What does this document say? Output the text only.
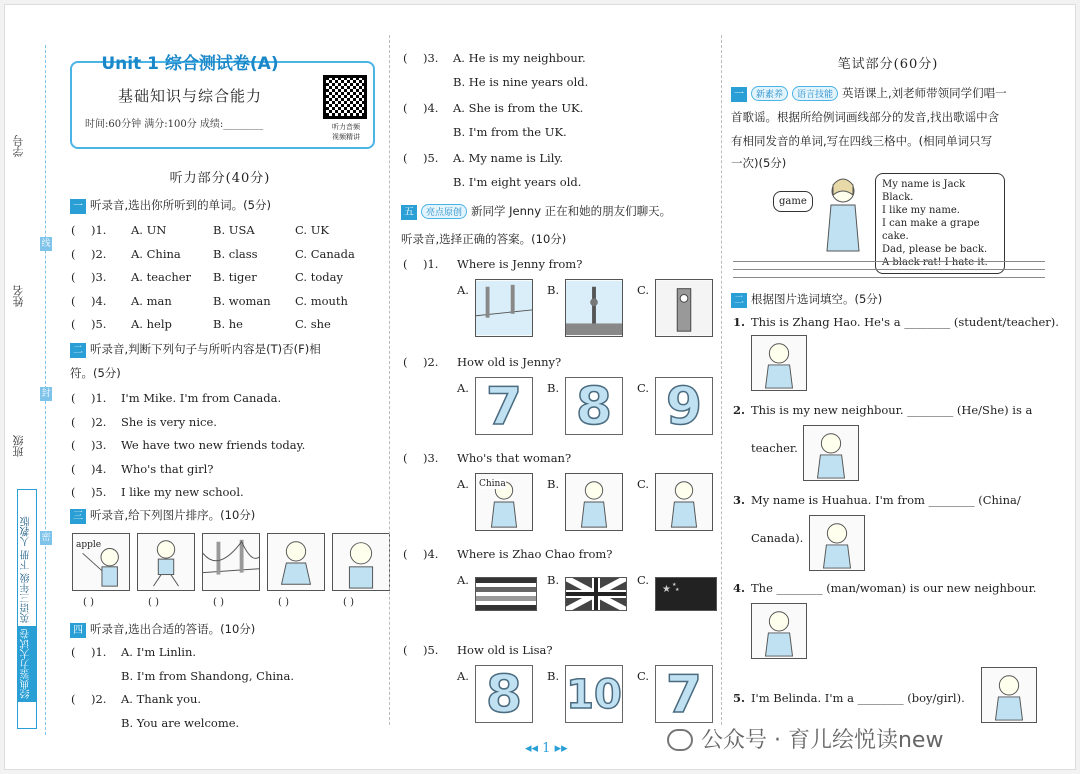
学号
姓名
班级
线
封
密
经典鉴力大试卷 英语三年级 下册 人教版
Unit 1 综合测试卷(A)
基础知识与综合能力
时间:60分钟 满分:100分 成绩:________	听力音频
视频精讲
听力部分(40分)
一 听录音,选出你所听到的单词。(5分)
( )1. A. UN	B. USA	C. UK
( )2. A. China	B. class	C. Canada
( )3. A. teacher B. tiger	C. today
( )4. A. man	B. woman C. mouth
( )5. A. help	B. he	C. she
二 听录音,判断下列句子与所听内容是(T)否(F)相
符。(5分)
( )1. I'm Mike. I'm from Canada.
( )2. She is very nice.
( )3. We have two new friends today.
( )4. Who's that girl?
( )5. I like my new school.
三 听录音,给下列图片排序。(10分)
apple
( )	( )	( )	( )	( )
四 听录音,选出合适的答语。(10分)
( )1. A. I'm Linlin.
B. I'm from Shandong, China.
( )2. A. Thank you.
B. You are welcome.
( )3. A. He is my neighbour.
B. He is nine years old.
( )4. A. She is from the UK.
B. I'm from the UK.
( )5. A. My name is Lily.
B. I'm eight years old.
五 亮点原创 新同学 Jenny 正在和她的朋友们聊天。
听录音,选择正确的答案。(10分)
( )1. Where is Jenny from?
A.	B.	C.
( )2. How old is Jenny?
A. 7	B. 8	C. 9
( )3. Who's that woman?
A. China	B.	C.
( )4. Where is Zhao Chao from?
A.	B.	C.
★ ★
★
( )5. How old is Lisa?
A. 8	B. 10 C. 7
笔试部分(60分)
一 新素养 语言技能 英语课上,刘老师带领同学们唱一
首歌谣。根据所给例词画线部分的发音,找出歌谣中含
有相同发音的单词,写在四线三格中。(相同单词只写
一次)(5分)
game
My name is Jack Black.
I like my name.
I can make a grape cake.
Dad, please be back.
A black rat! I hate it.
二 根据图片选词填空。(5分)
1. This is Zhang Hao. He's a ________ (student/teacher).
2. This is my new neighbour. ________ (He/She) is a
teacher.
3. My name is Huahua. I'm from ________ (China/
Canada).
4. The ________ (man/woman) is our new neighbour.
5. I'm Belinda. I'm a ________ (boy/girl).
◂◂ 1 ▸▸	公众号 · 育儿绘悦读new
